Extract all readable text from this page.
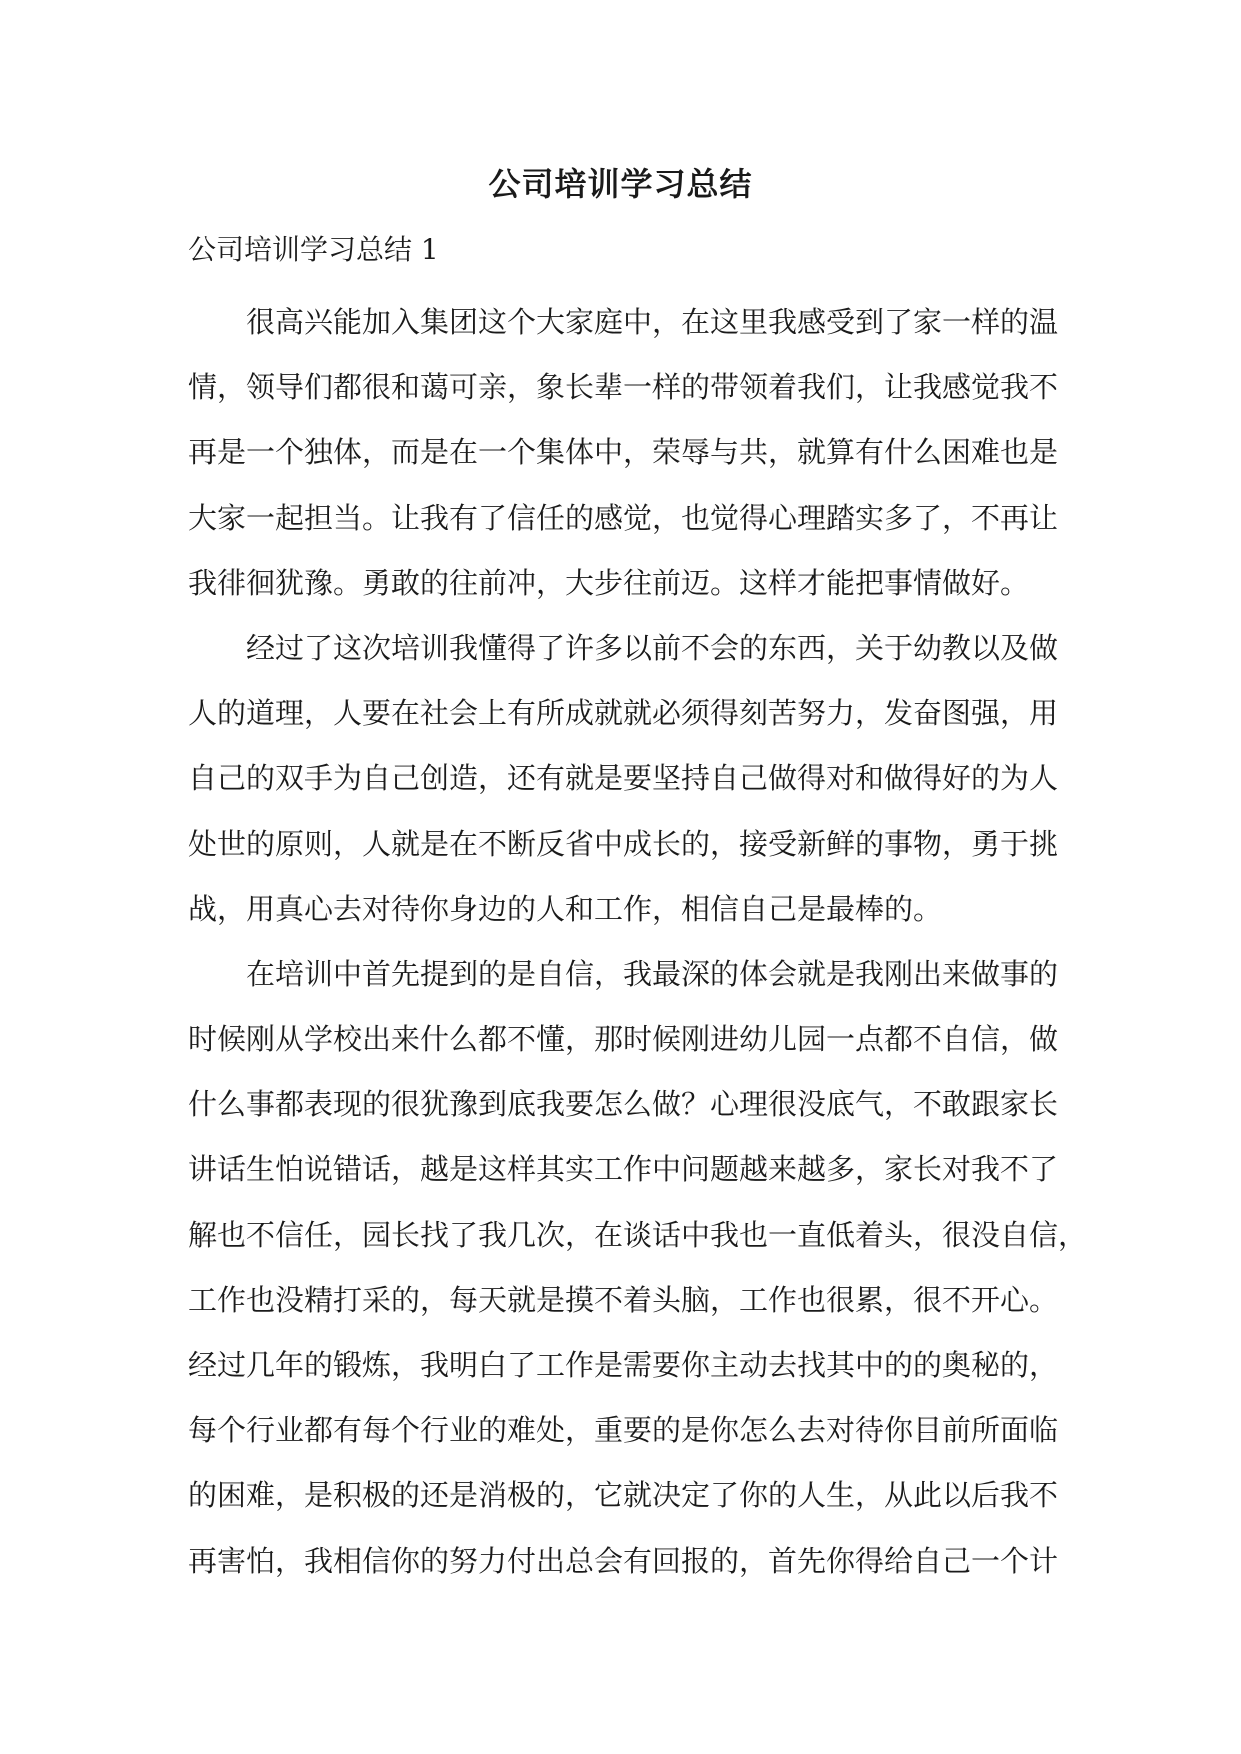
公司培训学习总结
公司培训学习总结 1

很高兴能加入集团这个大家庭中，在这里我感受到了家一样的温
情，领导们都很和蔼可亲，象长辈一样的带领着我们，让我感觉我不
再是一个独体，而是在一个集体中，荣辱与共，就算有什么困难也是
大家一起担当。让我有了信任的感觉，也觉得心理踏实多了，不再让
我徘徊犹豫。勇敢的往前冲，大步往前迈。这样才能把事情做好。

经过了这次培训我懂得了许多以前不会的东西，关于幼教以及做
人的道理，人要在社会上有所成就就必须得刻苦努力，发奋图强，用
自己的双手为自己创造，还有就是要坚持自己做得对和做得好的为人
处世的原则，人就是在不断反省中成长的，接受新鲜的事物，勇于挑
战，用真心去对待你身边的人和工作，相信自己是最棒的。

在培训中首先提到的是自信，我最深的体会就是我刚出来做事的
时候刚从学校出来什么都不懂，那时候刚进幼儿园一点都不自信，做
什么事都表现的很犹豫到底我要怎么做？心理很没底气，不敢跟家长
讲话生怕说错话，越是这样其实工作中问题越来越多，家长对我不了
解也不信任，园长找了我几次，在谈话中我也一直低着头，很没自信，
工作也没精打采的，每天就是摸不着头脑，工作也很累，很不开心。
经过几年的锻炼，我明白了工作是需要你主动去找其中的的奥秘的，
每个行业都有每个行业的难处，重要的是你怎么去对待你目前所面临
的困难，是积极的还是消极的，它就决定了你的人生，从此以后我不
再害怕，我相信你的努力付出总会有回报的，首先你得给自己一个计
